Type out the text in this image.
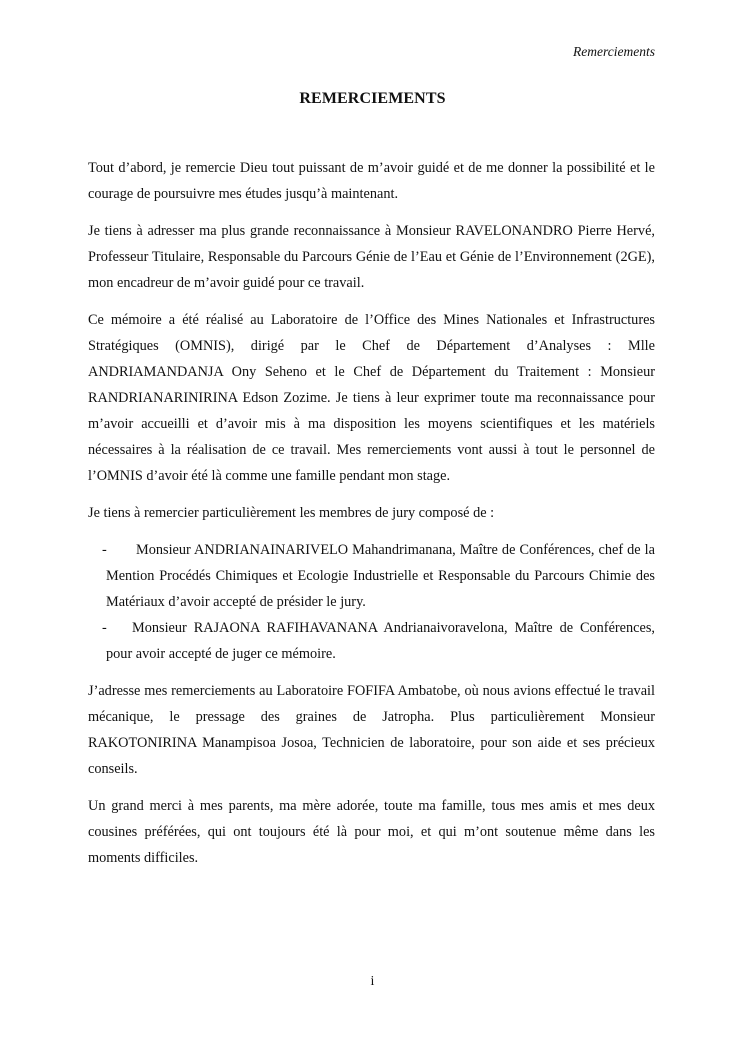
Remerciements
REMERCIEMENTS

Tout d’abord, je remercie Dieu tout puissant de m’avoir guidé et de me donner la possibilité et le courage de poursuivre mes études jusqu’à maintenant.

Je tiens à adresser ma plus grande reconnaissance à Monsieur RAVELONANDRO Pierre Hervé, Professeur Titulaire, Responsable du Parcours Génie de l’Eau et Génie de l’Environnement (2GE), mon encadreur de m’avoir guidé pour ce travail.

Ce mémoire a été réalisé au Laboratoire de l’Office des Mines Nationales et Infrastructures Stratégiques (OMNIS), dirigé par le Chef de Département d’Analyses : Mlle ANDRIAMANDANJA Ony Seheno et le Chef de Département du Traitement : Monsieur RANDRIANARINIRINA Edson Zozime. Je tiens à leur exprimer toute ma reconnaissance pour m’avoir accueilli et d’avoir mis à ma disposition les moyens scientifiques et les matériels nécessaires à la réalisation de ce travail. Mes remerciements vont aussi à tout le personnel de l’OMNIS d’avoir été là comme une famille pendant mon stage.

Je tiens à remercier particulièrement les membres de jury composé de :

-	Monsieur ANDRIANAINARIVELO Mahandrimanana, Maître de Conférences, chef de la Mention Procédés Chimiques et Ecologie Industrielle et Responsable du Parcours Chimie des Matériaux d’avoir accepté de présider le jury.
-	Monsieur RAJAONA RAFIHAVANANA Andrianaivoravelona, Maître de Conférences, pour avoir accepté de juger ce mémoire.

J’adresse mes remerciements au Laboratoire FOFIFA Ambatobe, où nous avions effectué le travail mécanique, le pressage des graines de Jatropha. Plus particulièrement Monsieur RAKOTONIRINA Manampisoa Josoa, Technicien de laboratoire, pour son aide et ses précieux conseils.

Un grand merci à mes parents, ma mère adorée, toute ma famille, tous mes amis et mes deux cousines préférées, qui ont toujours été là pour moi, et qui m’ont soutenue même dans les moments difficiles.

i
